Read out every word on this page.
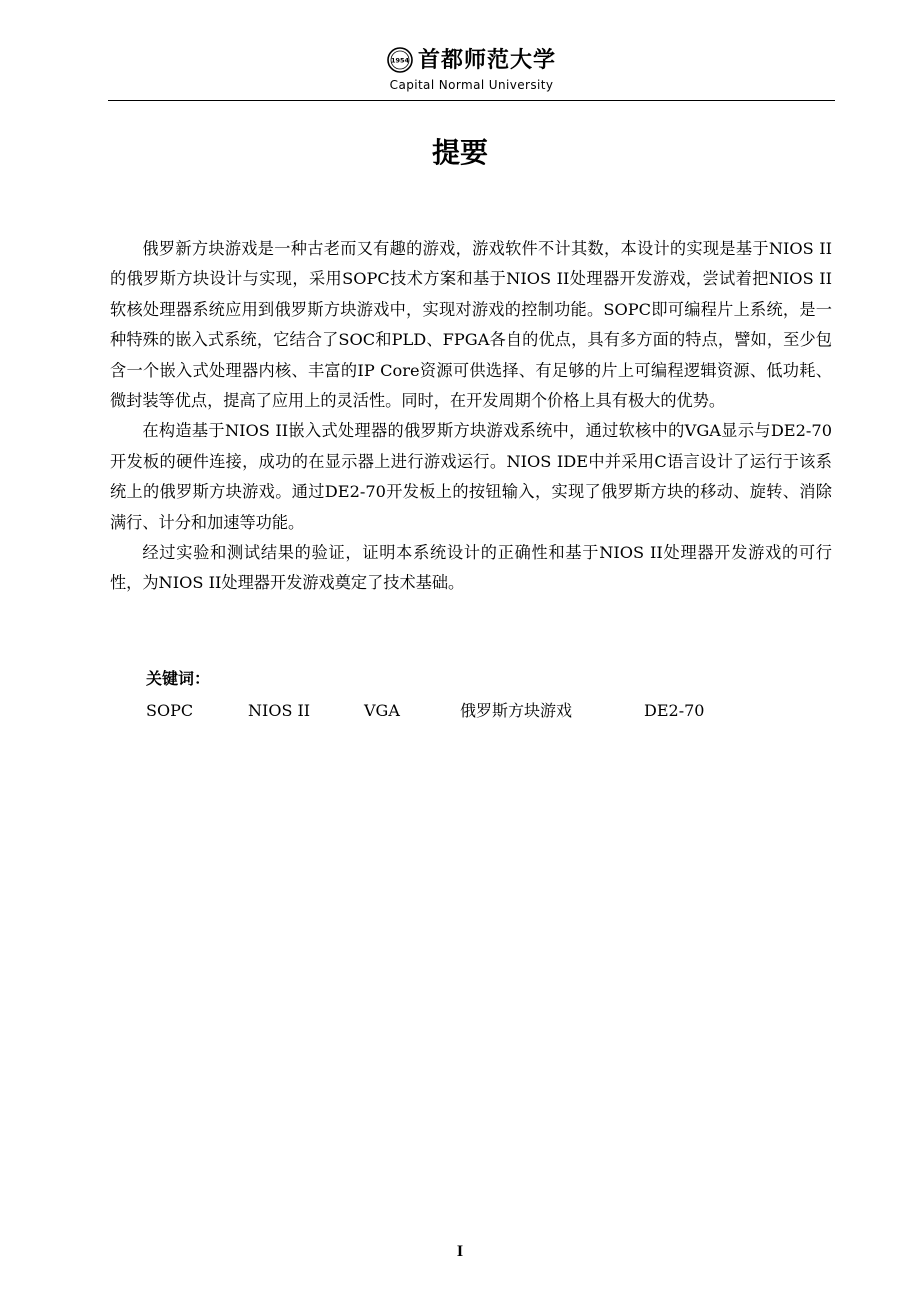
1954 首都师范大学
Capital Normal University
提要

俄罗新方块游戏是一种古老而又有趣的游戏，游戏软件不计其数，本设计的实现是基于NIOS II的俄罗斯方块设计与实现，采用SOPC技术方案和基于NIOS II处理器开发游戏，尝试着把NIOS II软核处理器系统应用到俄罗斯方块游戏中，实现对游戏的控制功能。SOPC即可编程片上系统，是一种特殊的嵌入式系统，它结合了SOC和PLD、FPGA各自的优点，具有多方面的特点，譬如，至少包含一个嵌入式处理器内核、丰富的IP Core资源可供选择、有足够的片上可编程逻辑资源、低功耗、微封装等优点，提高了应用上的灵活性。同时，在开发周期个价格上具有极大的优势。

在构造基于NIOS II嵌入式处理器的俄罗斯方块游戏系统中，通过软核中的VGA显示与DE2-70开发板的硬件连接，成功的在显示器上进行游戏运行。NIOS IDE中并采用C语言设计了运行于该系统上的俄罗斯方块游戏。通过DE2-70开发板上的按钮输入，实现了俄罗斯方块的移动、旋转、消除满行、计分和加速等功能。

经过实验和测试结果的验证，证明本系统设计的正确性和基于NIOS II处理器开发游戏的可行性，为NIOS II处理器开发游戏奠定了技术基础。

关键词：
SOPC	NIOS II	VGA	俄罗斯方块游戏	DE2-70
I
